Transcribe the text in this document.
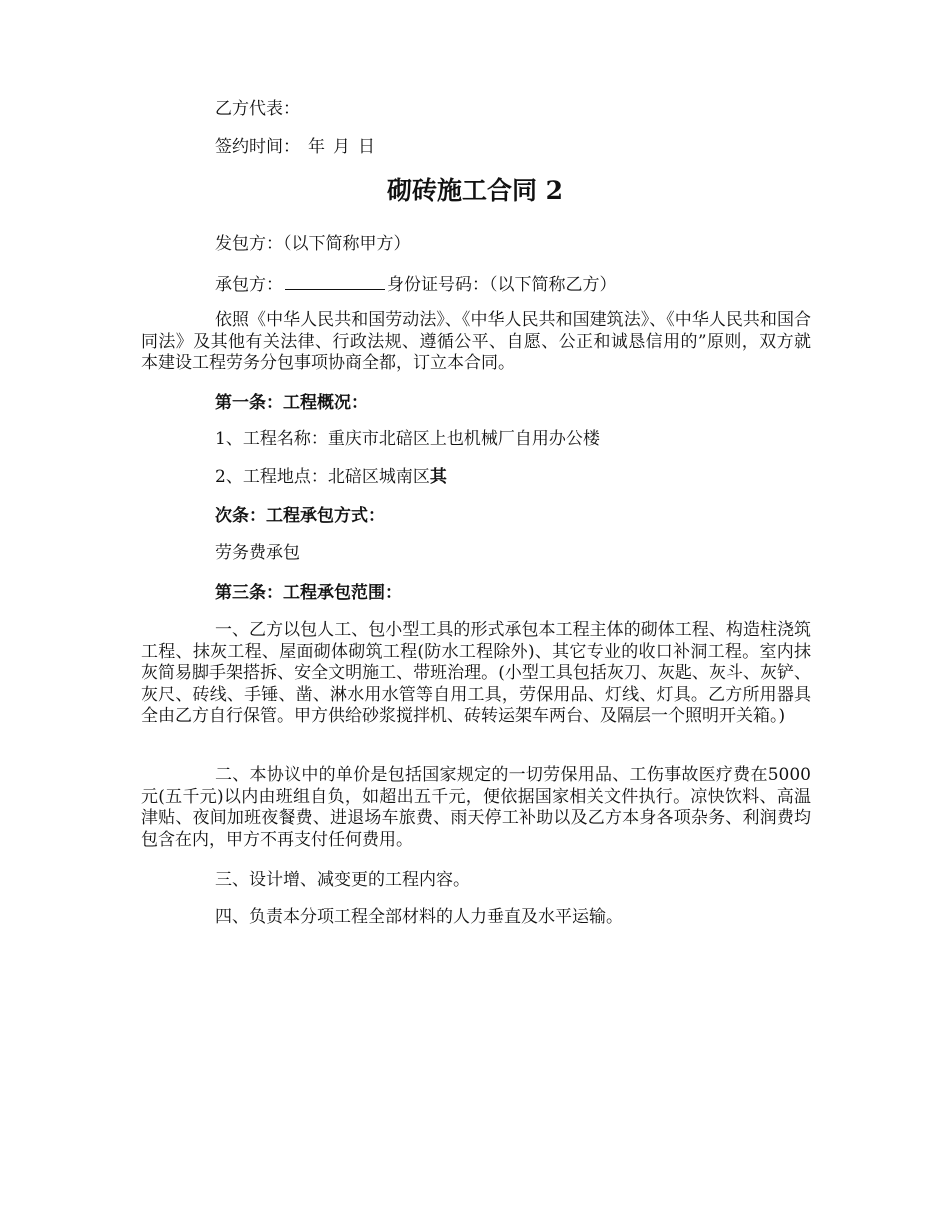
乙方代表：
签约时间： 年 月 日
砌砖施工合同 2
发包方：（以下简称甲方）
承包方：	身份证号码：（以下简称乙方）

依照《中华人民共和国劳动法》、《中华人民共和国建筑法》、《中华人民共和国合同法》及其他有关法律、行政法规、遵循公平、自愿、公正和诚恳信用的”原则，双方就本建设工程劳务分包事项协商全都，订立本合同。

第一条：工程概况：
1、工程名称：重庆市北碚区上也机械厂自用办公楼
2、工程地点：北碚区城南区其
次条：工程承包方式：
劳务费承包
第三条：工程承包范围：

一、乙方以包人工、包小型工具的形式承包本工程主体的砌体工程、构造柱浇筑工程、抹灰工程、屋面砌体砌筑工程(防水工程除外)、其它专业的收口补洞工程。室内抹灰简易脚手架搭拆、安全文明施工、带班治理。(小型工具包括灰刀、灰匙、灰斗、灰铲、灰尺、砖线、手锤、凿、淋水用水管等自用工具，劳保用品、灯线、灯具。乙方所用器具全由乙方自行保管。甲方供给砂浆搅拌机、砖转运架车两台、及隔层一个照明开关箱。)

二、本协议中的单价是包括国家规定的一切劳保用品、工伤事故医疗费在5000 元(五千元)以内由班组自负，如超出五千元，便依据国家相关文件执行。凉快饮料、高温津贴、夜间加班夜餐费、进退场车旅费、雨天停工补助以及乙方本身各项杂务、利润费均包含在内，甲方不再支付任何费用。

三、设计增、减变更的工程内容。
四、负责本分项工程全部材料的人力垂直及水平运输。
